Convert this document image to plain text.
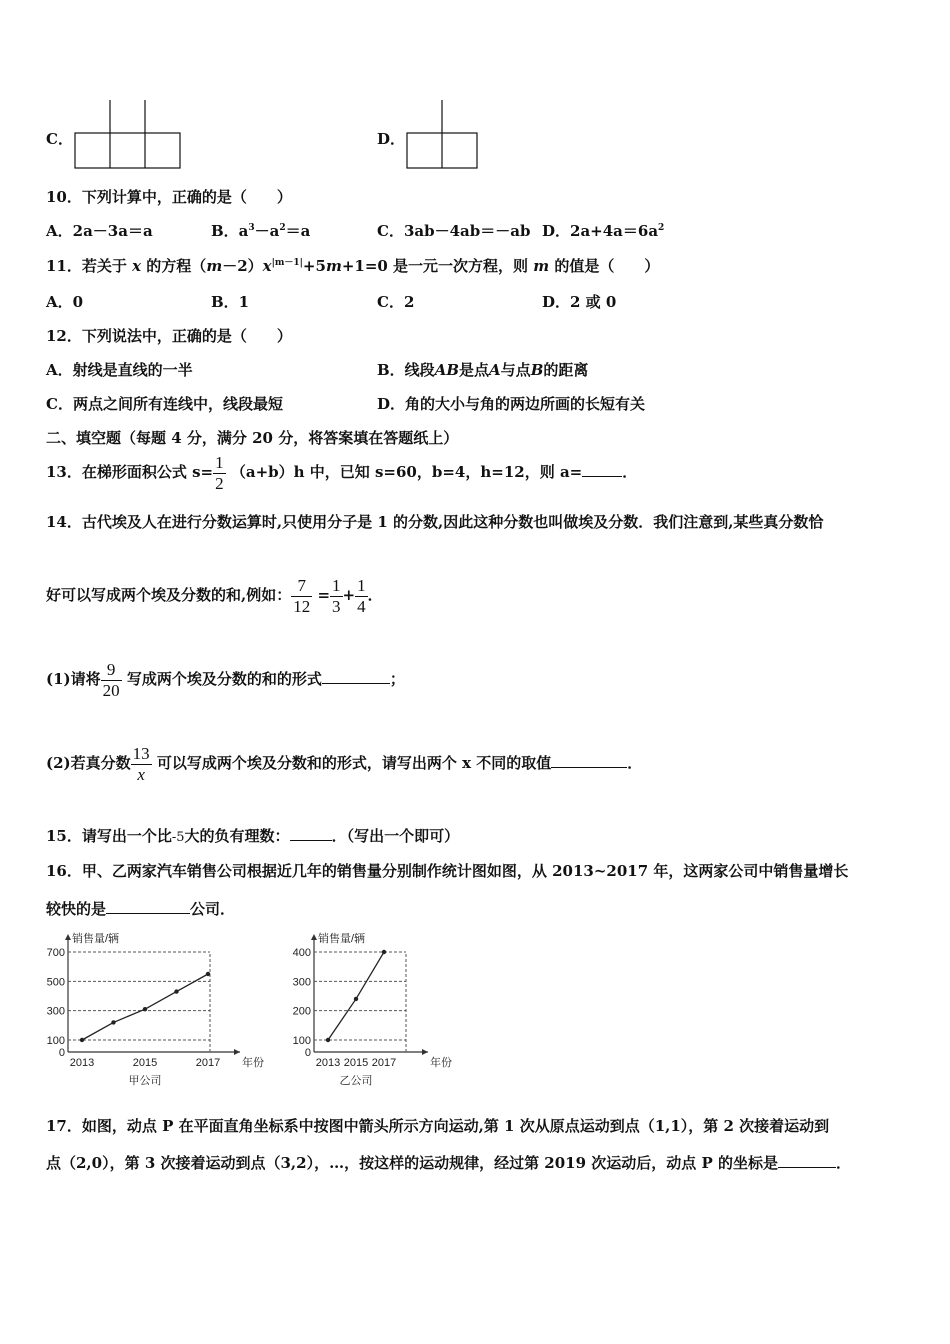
C．	D．
10．下列计算中，正确的是（　　）
A．2a－3a＝a	B．$a^3-a^2=a$	C．3ab－4ab＝－ab D．$2a+4a=6a^2$
11．若关于 x 的方程$(m-2)x^{|m-1|}+5m+1=0$ 是一元一次方程，则 m 的值是（　　）
A．0	B．1	C．2	D．2 或 0
12．下列说法中，正确的是（　　）
A．射线是直线的一半	B．线段AB是点A与点B的距离
C．两点之间所有连线中，线段最短	D．角的大小与角的两边所画的长短有关
二、填空题（每题 4 分，满分 20 分，将答案填在答题纸上）
13．在梯形面积公式 $s= \frac{1}{2} (a+b)h$ 中，已知 s=60，b=4，h=12，则 a=	．
14．古代埃及人在进行分数运算时,只使用分子是 1 的分数,因此这种分数也叫做埃及分数．我们注意到,某些真分数恰
好可以写成两个埃及分数的和,例如： $\frac{7}{12} = \frac{1}{3} + \frac{1}{4}$ ．
(1)请将 $\frac{9}{20}$ 写成两个埃及分数的和的形式	；
(2)若真分数 $\frac{13}{x}$ 可以写成两个埃及分数和的形式，请写出两个 x 不同的取值	．
15．请写出一个比-5大的负有理数：	．（写出一个即可）
16．甲、乙两家汽车销售公司根据近几年的销售量分别制作统计图如图，从 2013~2017 年，这两家公司中销售量增长
较快的是	公司．
0
100
300
500
700
2013	2015	2017
销售量/辆
年份
甲公司
0
100
200
300
400
2013 2015 2017
销售量/辆
年份
乙公司
17．如图，动点 P 在平面直角坐标系中按图中箭头所示方向运动,第 1 次从原点运动到点（1,1），第 2 次接着运动到
点（2,0），第 3 次接着运动到点（3,2），…，按这样的运动规律，经过第 2019 次运动后，动点 P 的坐标是	．
